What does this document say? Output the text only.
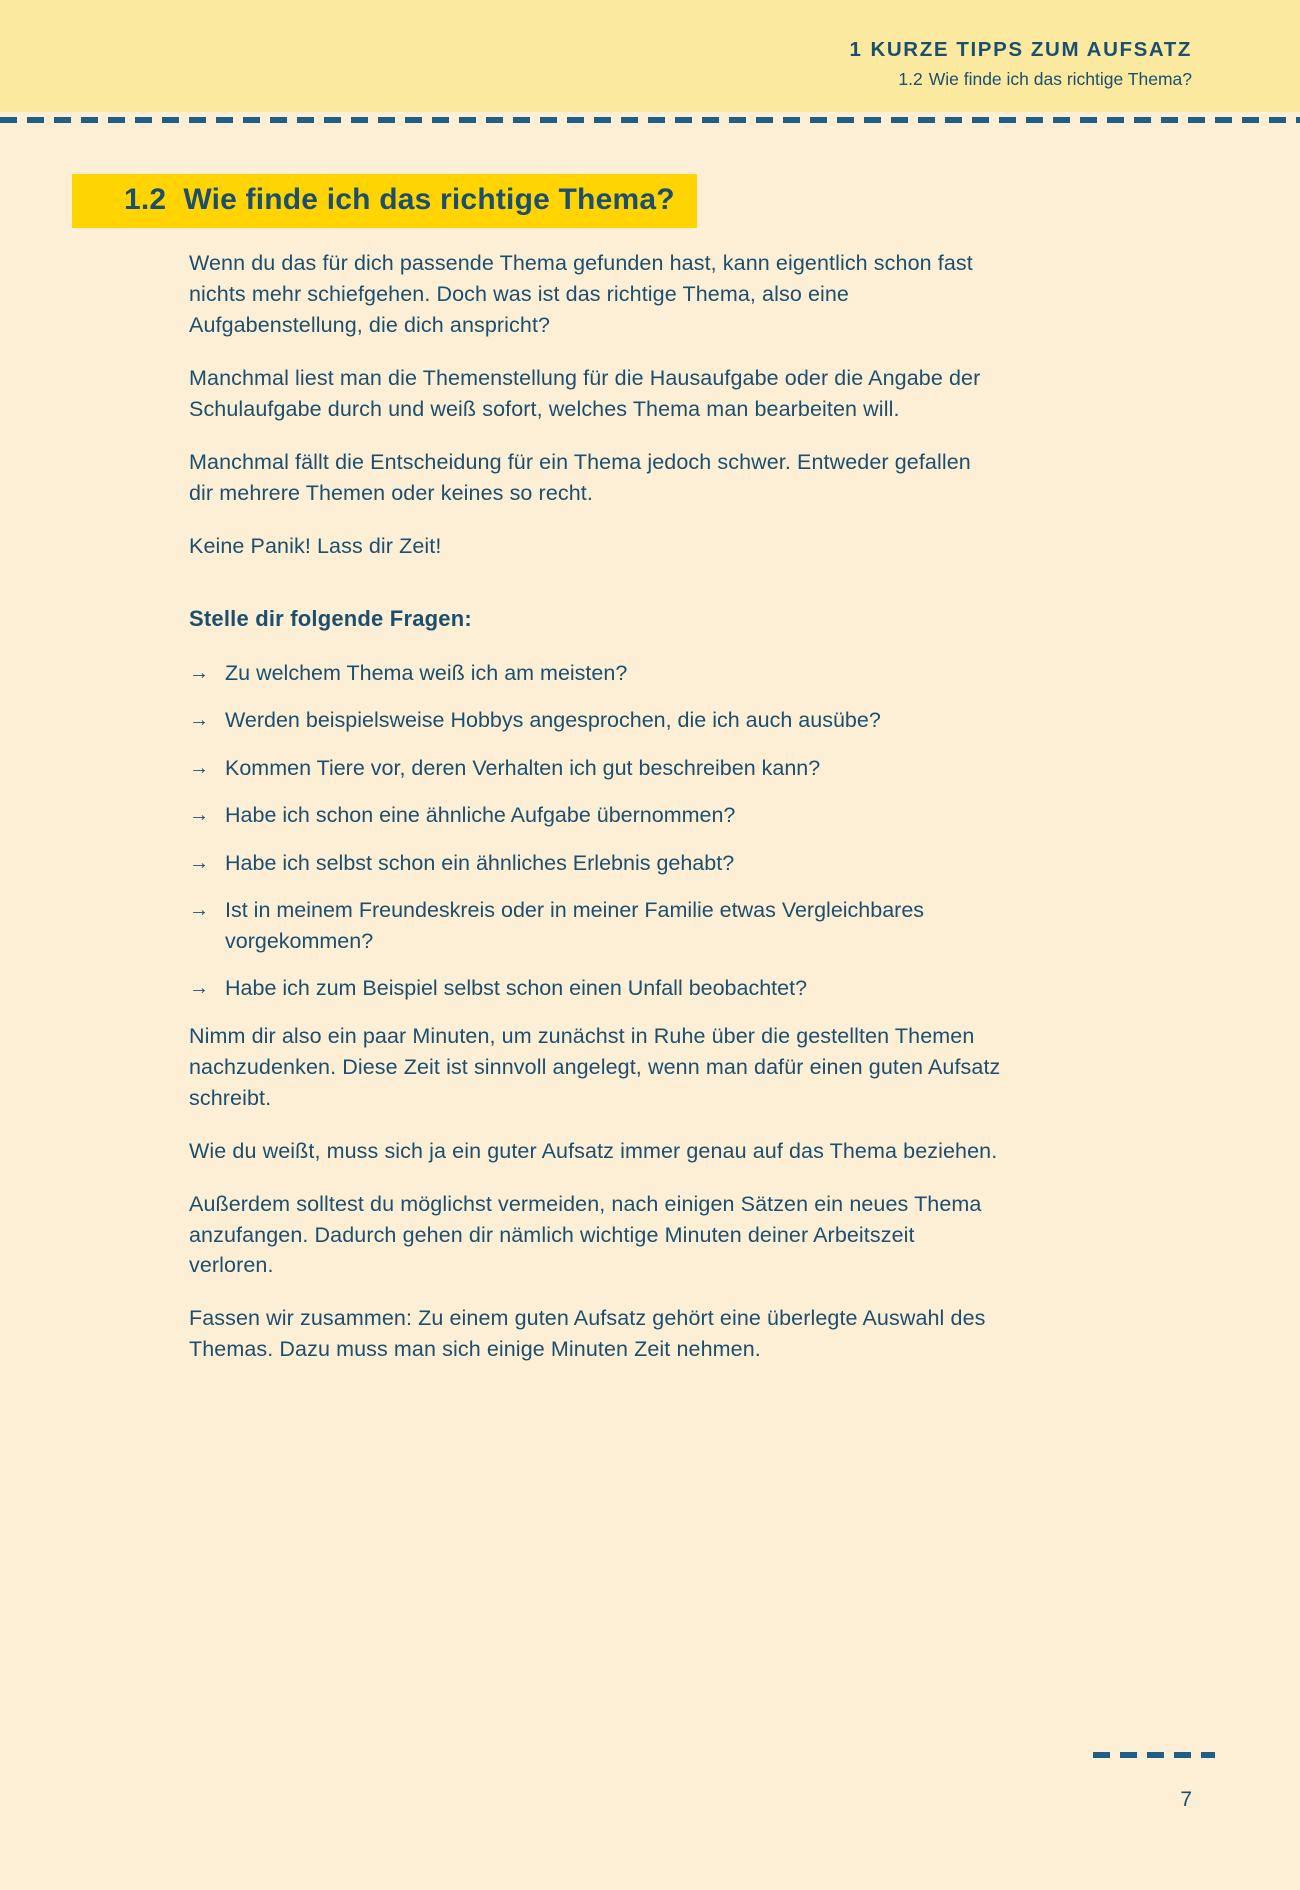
1 KURZE TIPPS ZUM AUFSATZ
1.2 Wie finde ich das richtige Thema?
1.2 Wie finde ich das richtige Thema?

Wenn du das für dich passende Thema gefunden hast, kann eigentlich schon fast nichts mehr schiefgehen. Doch was ist das richtige Thema, also eine Aufgabenstellung, die dich anspricht?

Manchmal liest man die Themenstellung für die Hausaufgabe oder die Angabe der Schulaufgabe durch und weiß sofort, welches Thema man bearbeiten will.

Manchmal fällt die Entscheidung für ein Thema jedoch schwer. Entweder gefallen dir mehrere Themen oder keines so recht.

Keine Panik! Lass dir Zeit!

Stelle dir folgende Fragen:
→ Zu welchem Thema weiß ich am meisten?
→ Werden beispielsweise Hobbys angesprochen, die ich auch ausübe?
→ Kommen Tiere vor, deren Verhalten ich gut beschreiben kann?
→ Habe ich schon eine ähnliche Aufgabe übernommen?
→ Habe ich selbst schon ein ähnliches Erlebnis gehabt?
→ Ist in meinem Freundeskreis oder in meiner Familie etwas Vergleichbares vorgekommen?
→ Habe ich zum Beispiel selbst schon einen Unfall beobachtet?

Nimm dir also ein paar Minuten, um zunächst in Ruhe über die gestellten Themen nachzudenken. Diese Zeit ist sinnvoll angelegt, wenn man dafür einen guten Aufsatz schreibt.

Wie du weißt, muss sich ja ein guter Aufsatz immer genau auf das Thema beziehen.

Außerdem solltest du möglichst vermeiden, nach einigen Sätzen ein neues Thema anzufangen. Dadurch gehen dir nämlich wichtige Minuten deiner Arbeitszeit verloren.

Fassen wir zusammen: Zu einem guten Aufsatz gehört eine überlegte Auswahl des Themas. Dazu muss man sich einige Minuten Zeit nehmen.

7
